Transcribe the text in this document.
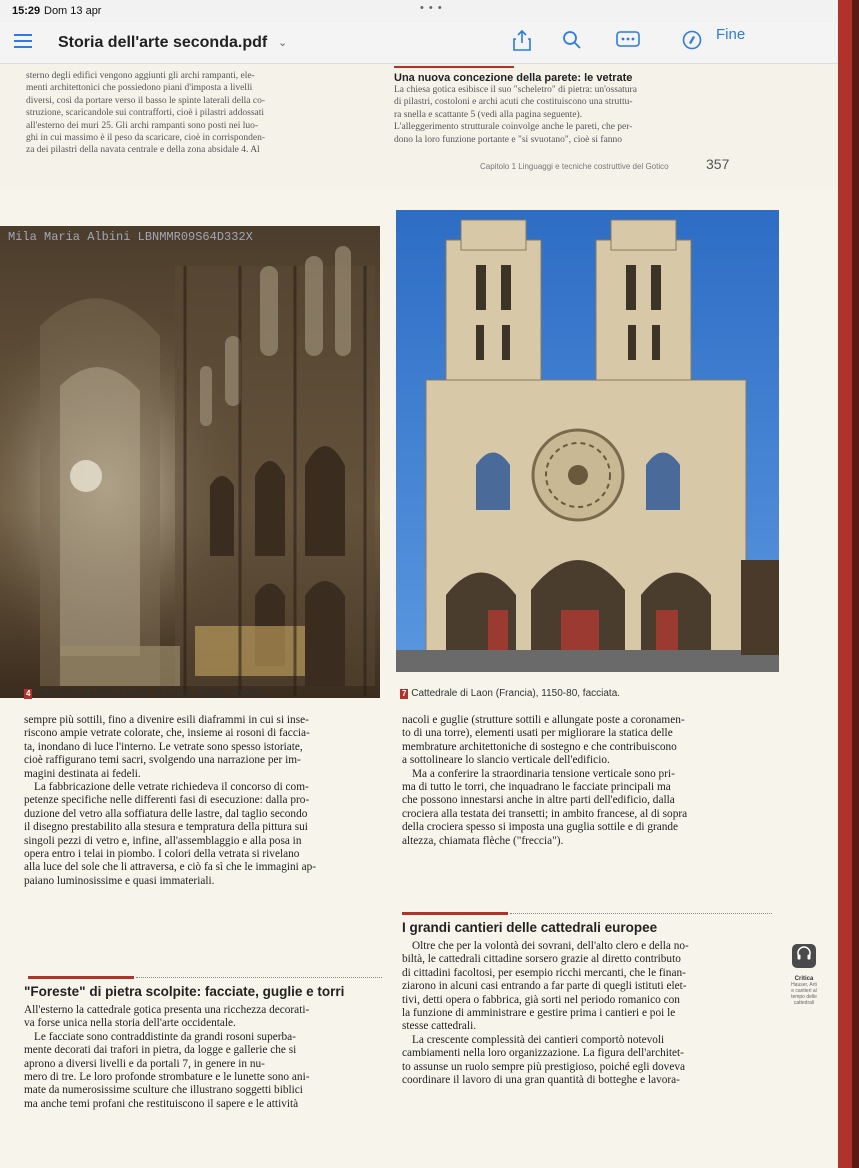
15:29 Dom 13 apr	• • •
Storia dell'arte seconda.pdf ⌄	Fine
sterno degli edifici vengono aggiunti gli archi rampanti, ele-
menti architettonici che possiedono piani d'imposta a livelli
diversi, così da portare verso il basso le spinte laterali della co-
struzione, scaricandole sui contrafforti, cioè i pilastri addossati
all'esterno dei muri 25. Gli archi rampanti sono posti nei luo-
ghi in cui massimo è il peso da scaricare, cioè in corrisponden-
za dei pilastri della navata centrale e della zona absidale 4. Al
Una nuova concezione della parete: le vetrate
La chiesa gotica esibisce il suo "scheletro" di pietra: un'ossatura
di pilastri, costoloni e archi acuti che costituiscono una struttu-
ra snella e scattante 5 (vedi alla pagina seguente).
L'alleggerimento strutturale coinvolge anche le pareti, che per-
dono la loro funzione portante e "si svuotano", cioè si fanno
Capitolo 1 Linguaggi e tecniche costruttive del Gotico	357
Mila Maria Albini LBNMMR09S64D332X
4 Cattedrale di Notre-Dame, dal 1163, Parigi, interno.	7 Cattedrale di Laon (Francia), 1150-80, facciata.
sempre più sottili, fino a divenire esili diaframmi in cui si inse-
riscono ampie vetrate colorate, che, insieme ai rosoni di faccia-
ta, inondano di luce l'interno. Le vetrate sono spesso istoriate,
cioè raffigurano temi sacri, svolgendo una narrazione per im-
magini destinata ai fedeli.
La fabbricazione delle vetrate richiedeva il concorso di com-
petenze specifiche nelle differenti fasi di esecuzione: dalla pro-
duzione del vetro alla soffiatura delle lastre, dal taglio secondo
il disegno prestabilito alla stesura e tempratura della pittura sui
singoli pezzi di vetro e, infine, all'assemblaggio e alla posa in
opera entro i telai in piombo. I colori della vetrata si rivelano
alla luce del sole che li attraversa, e ciò fa sì che le immagini ap-
paiano luminosissime e quasi immateriali.
"Foreste" di pietra scolpite: facciate, guglie e torri
All'esterno la cattedrale gotica presenta una ricchezza decorati-
va forse unica nella storia dell'arte occidentale.
Le facciate sono contraddistinte da grandi rosoni superba-
mente decorati dai trafori in pietra, da logge e gallerie che si
aprono a diversi livelli e da portali 7, in genere in nu-
mero di tre. Le loro profonde strombature e le lunette sono ani-
mate da numerosissime sculture che illustrano soggetti biblici
ma anche temi profani che restituiscono il sapere e le attività
nacoli e guglie (strutture sottili e allungate poste a coronamen-
to di una torre), elementi usati per migliorare la statica delle
membrature architettoniche di sostegno e che contribuiscono
a sottolineare lo slancio verticale dell'edificio.
Ma a conferire la straordinaria tensione verticale sono pri-
ma di tutto le torri, che inquadrano le facciate principali ma
che possono innestarsi anche in altre parti dell'edificio, dalla
crociera alla testata dei transetti; in ambito francese, al di sopra
della crociera spesso si imposta una guglia sottile e di grande
altezza, chiamata flèche ("freccia").
I grandi cantieri delle cattedrali europee
Oltre che per la volontà dei sovrani, dell'alto clero e della no-
biltà, le cattedrali cittadine sorsero grazie al diretto contributo
di cittadini facoltosi, per esempio ricchi mercanti, che le finan-
ziarono in alcuni casi entrando a far parte di quegli istituti elet-
tivi, detti opera o fabbrica, già sorti nel periodo romanico con
la funzione di amministrare e gestire prima i cantieri e poi le
stesse cattedrali.
La crescente complessità dei cantieri comportò notevoli
cambiamenti nella loro organizzazione. La figura dell'architet-
to assunse un ruolo sempre più prestigioso, poiché egli doveva
coordinare il lavoro di una gran quantità di botteghe e lavora-
Critica
Hauser, Arti
e cantieri al
tempo delle
cattedrali
